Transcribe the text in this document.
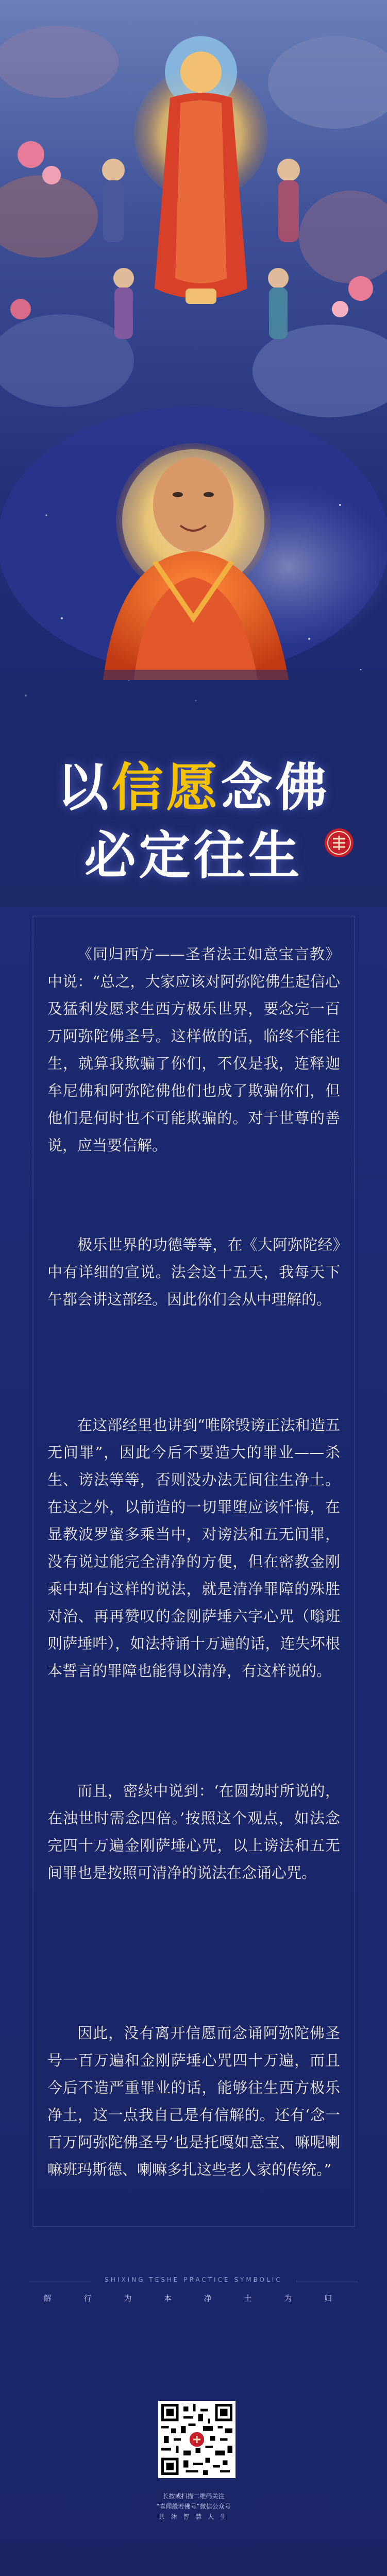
以信愿念佛
必定往生

《同归西方——圣者法王如意宝言教》中说：“总之，大家应该对阿弥陀佛生起信心及猛利发愿求生西方极乐世界，要念完一百万阿弥陀佛圣号。这样做的话，临终不能往生，就算我欺骗了你们，不仅是我，连释迦牟尼佛和阿弥陀佛他们也成了欺骗你们，但他们是何时也不可能欺骗的。对于世尊的善说，应当要信解。

极乐世界的功德等等，在《大阿弥陀经》中有详细的宣说。法会这十五天，我每天下午都会讲这部经。因此你们会从中理解的。

在这部经里也讲到“唯除毁谤正法和造五无间罪”，因此今后不要造大的罪业——杀生、谤法等等，否则没办法无间往生净土。在这之外，以前造的一切罪堕应该忏悔，在显教波罗蜜多乘当中，对谤法和五无间罪，没有说过能完全清净的方便，但在密教金刚乘中却有这样的说法，就是清净罪障的殊胜对治、再再赞叹的金刚萨埵六字心咒（嗡班则萨埵吽），如法持诵十万遍的话，连失坏根本誓言的罪障也能得以清净，有这样说的。

而且，密续中说到：‘在圆劫时所说的，在浊世时需念四倍。’按照这个观点，如法念完四十万遍金刚萨埵心咒，以上谤法和五无间罪也是按照可清净的说法在念诵心咒。

因此，没有离开信愿而念诵阿弥陀佛圣号一百万遍和金刚萨埵心咒四十万遍，而且今后不造严重罪业的话，能够往生西方极乐净土，这一点我自己是有信解的。还有‘念一百万阿弥陀佛圣号’也是托嘎如意宝、嘛呢喇嘛班玛斯德、喇嘛多扎这些老人家的传统。”

SHIXING TESHE PRACTICE SYMBOLIC
解 行 为 本 净 土 为 归
长按或扫描二维码关注
“喜闻般若佛号”微信公众号
共 沐 智 慧 人 生
